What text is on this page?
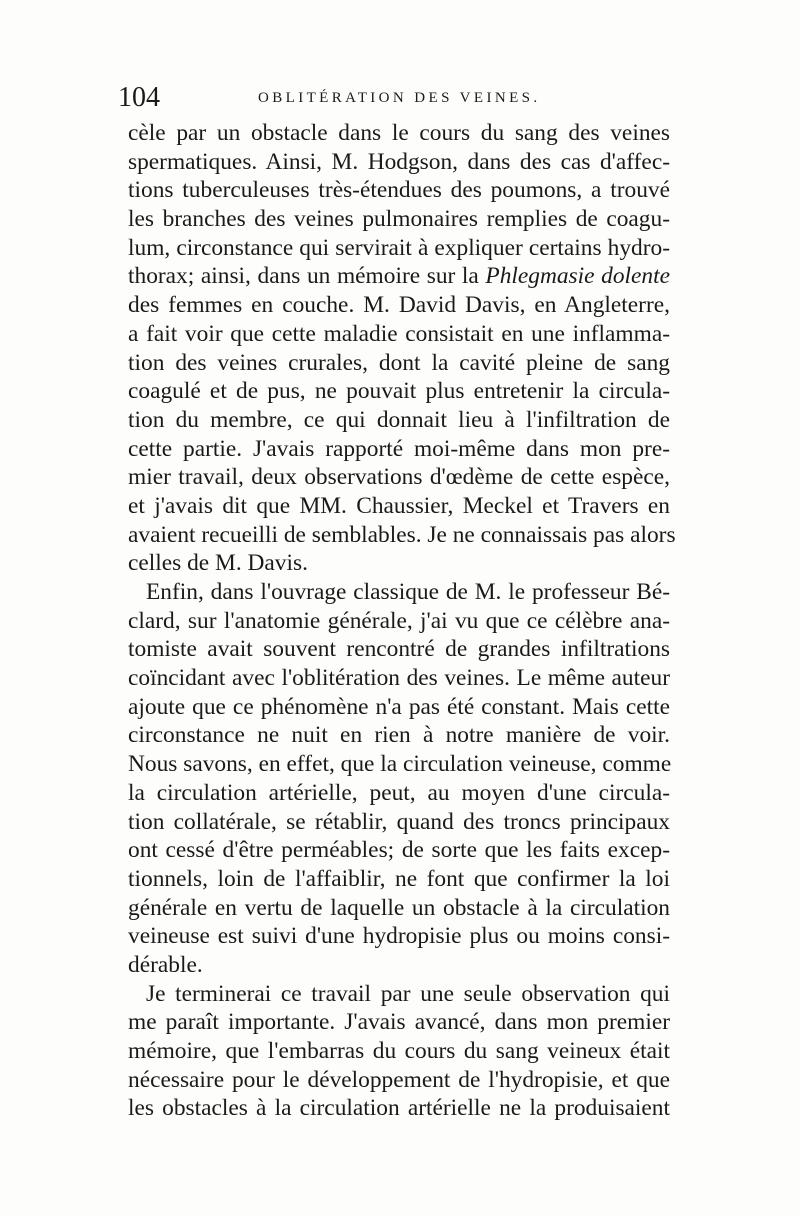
104	OBLITÉRATION DES VEINES.
cèle par un obstacle dans le cours du sang des veines
spermatiques. Ainsi, M. Hodgson, dans des cas d'affec-
tions tuberculeuses très-étendues des poumons, a trouvé
les branches des veines pulmonaires remplies de coagu-
lum, circonstance qui servirait à expliquer certains hydro-
thorax; ainsi, dans un mémoire sur la Phlegmasie dolente
des femmes en couche. M. David Davis, en Angleterre,
a fait voir que cette maladie consistait en une inflamma-
tion des veines crurales, dont la cavité pleine de sang
coagulé et de pus, ne pouvait plus entretenir la circula-
tion du membre, ce qui donnait lieu à l'infiltration de
cette partie. J'avais rapporté moi-même dans mon pre-
mier travail, deux observations d'œdème de cette espèce,
et j'avais dit que MM. Chaussier, Meckel et Travers en
avaient recueilli de semblables. Je ne connaissais pas alors
celles de M. Davis.
Enfin, dans l'ouvrage classique de M. le professeur Bé-
clard, sur l'anatomie générale, j'ai vu que ce célèbre ana-
tomiste avait souvent rencontré de grandes infiltrations
coïncidant avec l'oblitération des veines. Le même auteur
ajoute que ce phénomène n'a pas été constant. Mais cette
circonstance ne nuit en rien à notre manière de voir.
Nous savons, en effet, que la circulation veineuse, comme
la circulation artérielle, peut, au moyen d'une circula-
tion collatérale, se rétablir, quand des troncs principaux
ont cessé d'être perméables; de sorte que les faits excep-
tionnels, loin de l'affaiblir, ne font que confirmer la loi
générale en vertu de laquelle un obstacle à la circulation
veineuse est suivi d'une hydropisie plus ou moins consi-
dérable.
Je terminerai ce travail par une seule observation qui
me paraît importante. J'avais avancé, dans mon premier
mémoire, que l'embarras du cours du sang veineux était
nécessaire pour le développement de l'hydropisie, et que
les obstacles à la circulation artérielle ne la produisaient
